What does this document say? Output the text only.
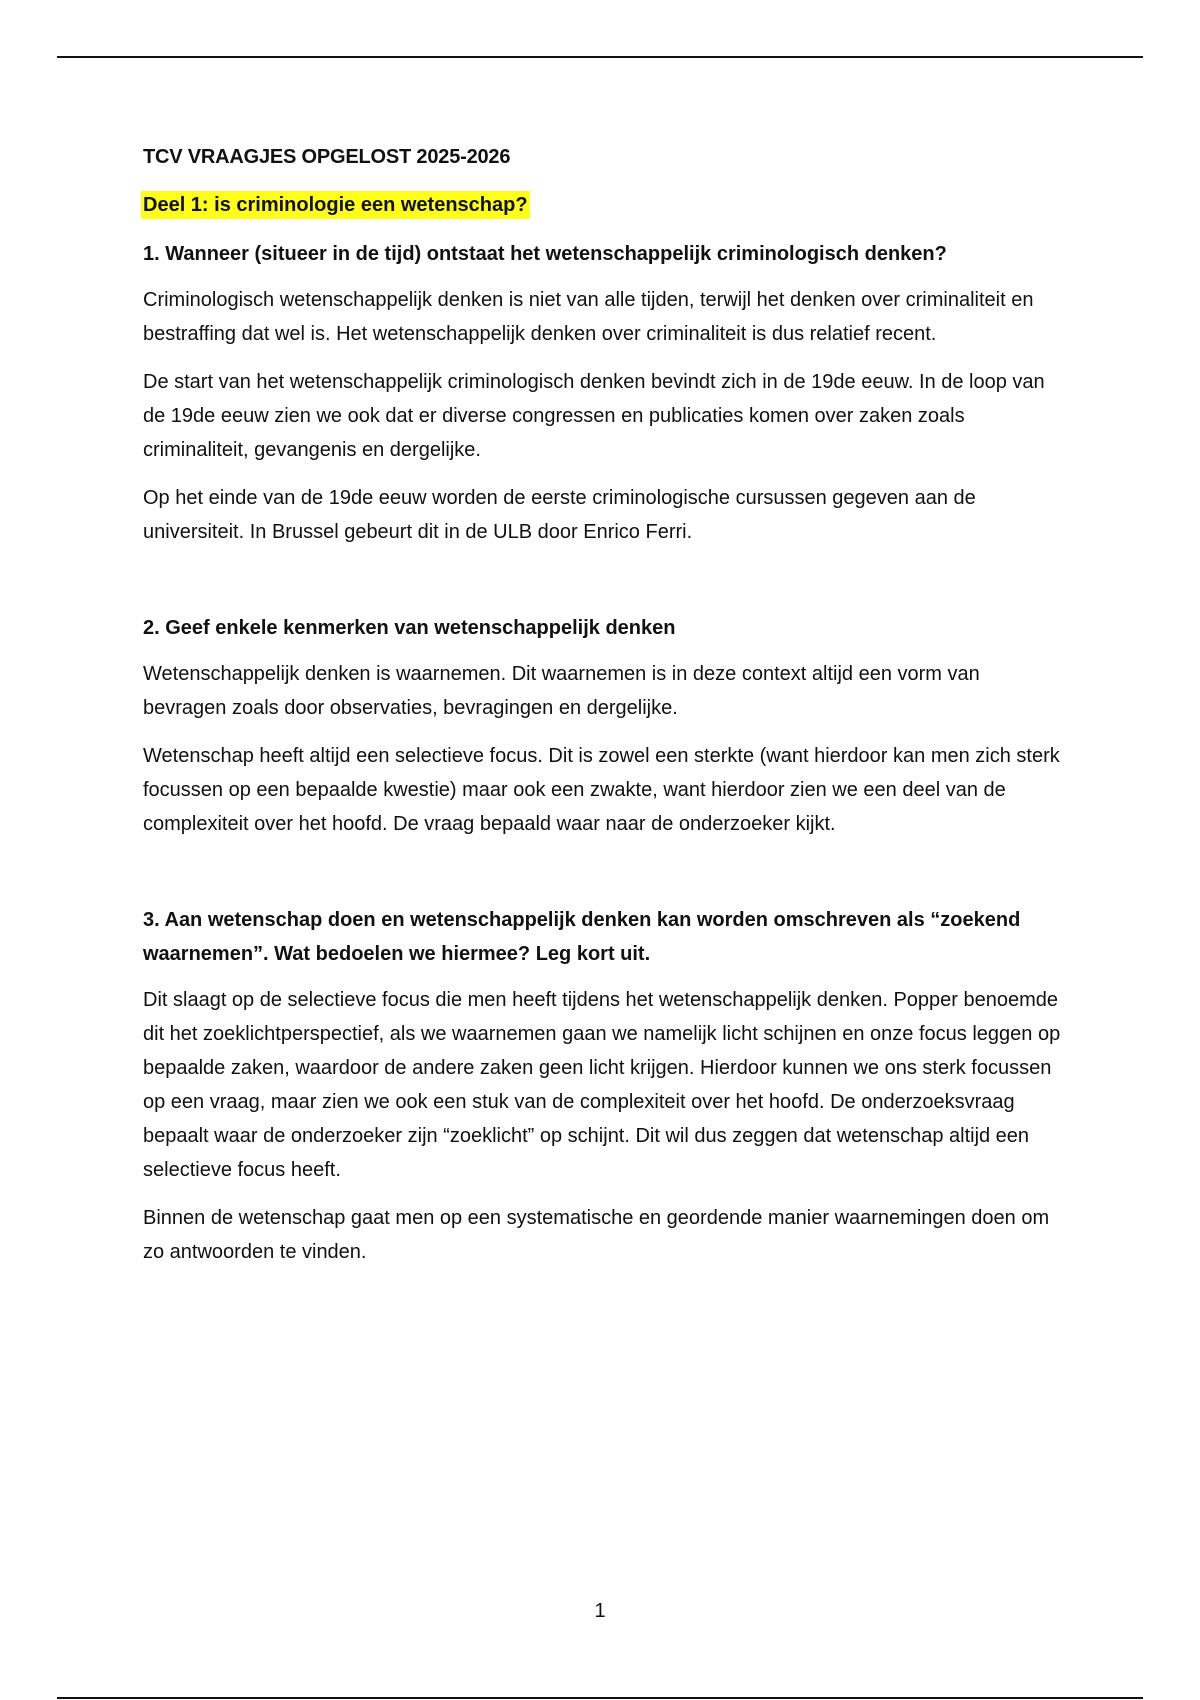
TCV VRAAGJES OPGELOST 2025-2026
Deel 1: is criminologie een wetenschap?
1. Wanneer (situeer in de tijd) ontstaat het wetenschappelijk criminologisch denken?

Criminologisch wetenschappelijk denken is niet van alle tijden, terwijl het denken over criminaliteit en bestraffing dat wel is. Het wetenschappelijk denken over criminaliteit is dus relatief recent.

De start van het wetenschappelijk criminologisch denken bevindt zich in de 19de eeuw. In de loop van de 19de eeuw zien we ook dat er diverse congressen en publicaties komen over zaken zoals criminaliteit, gevangenis en dergelijke.

Op het einde van de 19de eeuw worden de eerste criminologische cursussen gegeven aan de universiteit. In Brussel gebeurt dit in de ULB door Enrico Ferri.

2. Geef enkele kenmerken van wetenschappelijk denken

Wetenschappelijk denken is waarnemen. Dit waarnemen is in deze context altijd een vorm van bevragen zoals door observaties, bevragingen en dergelijke.

Wetenschap heeft altijd een selectieve focus. Dit is zowel een sterkte (want hierdoor kan men zich sterk focussen op een bepaalde kwestie) maar ook een zwakte, want hierdoor zien we een deel van de complexiteit over het hoofd. De vraag bepaald waar naar de onderzoeker kijkt.

3. Aan wetenschap doen en wetenschappelijk denken kan worden omschreven als “zoekend waarnemen”. Wat bedoelen we hiermee? Leg kort uit.

Dit slaagt op de selectieve focus die men heeft tijdens het wetenschappelijk denken. Popper benoemde dit het zoeklichtperspectief, als we waarnemen gaan we namelijk licht schijnen en onze focus leggen op bepaalde zaken, waardoor de andere zaken geen licht krijgen. Hierdoor kunnen we ons sterk focussen op een vraag, maar zien we ook een stuk van de complexiteit over het hoofd. De onderzoeksvraag bepaalt waar de onderzoeker zijn “zoeklicht” op schijnt. Dit wil dus zeggen dat wetenschap altijd een selectieve focus heeft.

Binnen de wetenschap gaat men op een systematische en geordende manier waarnemingen doen om zo antwoorden te vinden.

1
